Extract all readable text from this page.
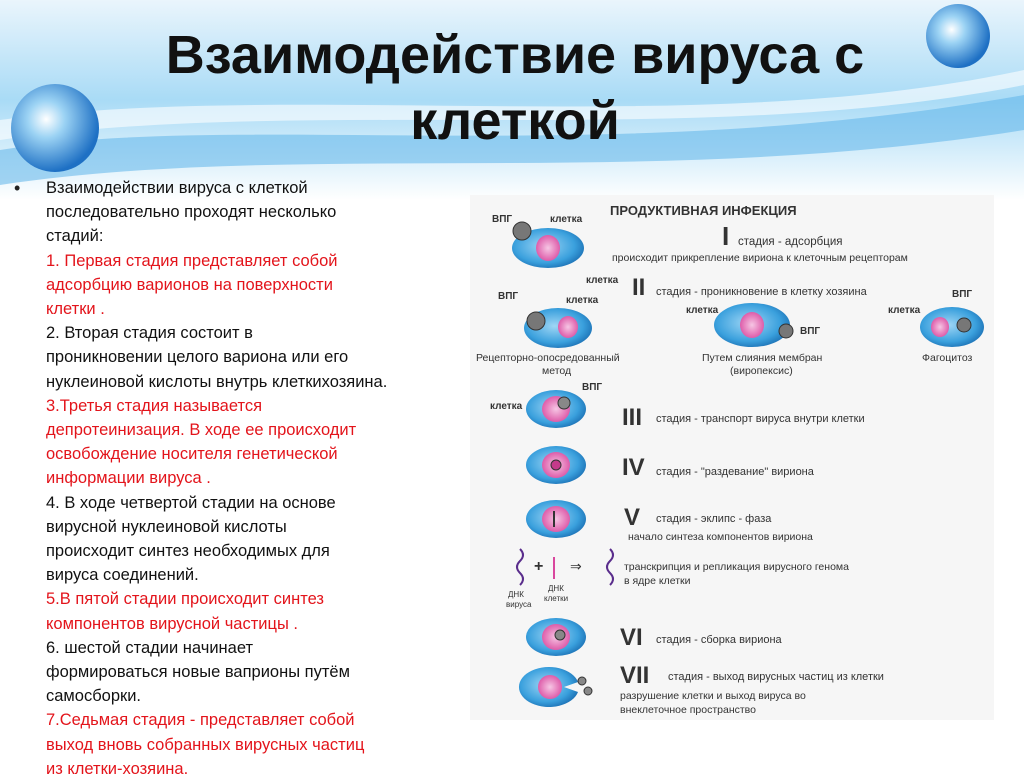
Взаимодействие вируса с
клеткой
• Взаимодействии вируса с клеткой
последовательно проходят несколько
стадий:

1. Первая стадия представляет собой
адсорбцию варионов на поверхности
клетки .

2. Вторая стадия состоит в
проникновении целого вариона или его
нуклеиновой кислоты внутрь клеткихозяина.

3.Третья стадия называется
депротеинизация. В ходе ее происходит
освобождение носителя генетической
информации вируса .

4. В ходе четвертой стадии на основе
вирусной нуклеиновой кислоты
происходит синтез необходимых для
вируса соединений.

5.В пятой стадии происходит синтез
компонентов вирусной частицы .

6. шестой стадии начинает
формироваться новые ваприоны путём
самосборки.

7.Седьмая стадия - представляет собой
выход вновь собранных вирусных частиц
из клетки-хозяина.

ПРОДУКТИВНАЯ ИНФЕКЦИЯ
ВПГ	клетка
I стадия - адсорбция
происходит прикрепление вириона к клеточным рецепторам
клетка
ВПГ	клетка II стадия - проникновение в клетку хозяина
клетка
ВПГ
ВПГ
клетка
Рецепторно-опосредованный
метод
Путем слияния мембран
(виропексис)
Фагоцитоз
ВПГ
клетка	III стадия - транспорт вируса внутри клетки
IV стадия - "раздевание" вириона
V стадия - эклипс - фаза
начало синтеза компонентов вириона
+ ⇒
ДНК
вируса
ДНК
клетки
транскрипция и репликация вирусного генома
в ядре клетки
VI стадия - сборка вириона
VII стадия - выход вирусных частиц из клетки
разрушение клетки и выход вируса во
внеклеточное пространство
